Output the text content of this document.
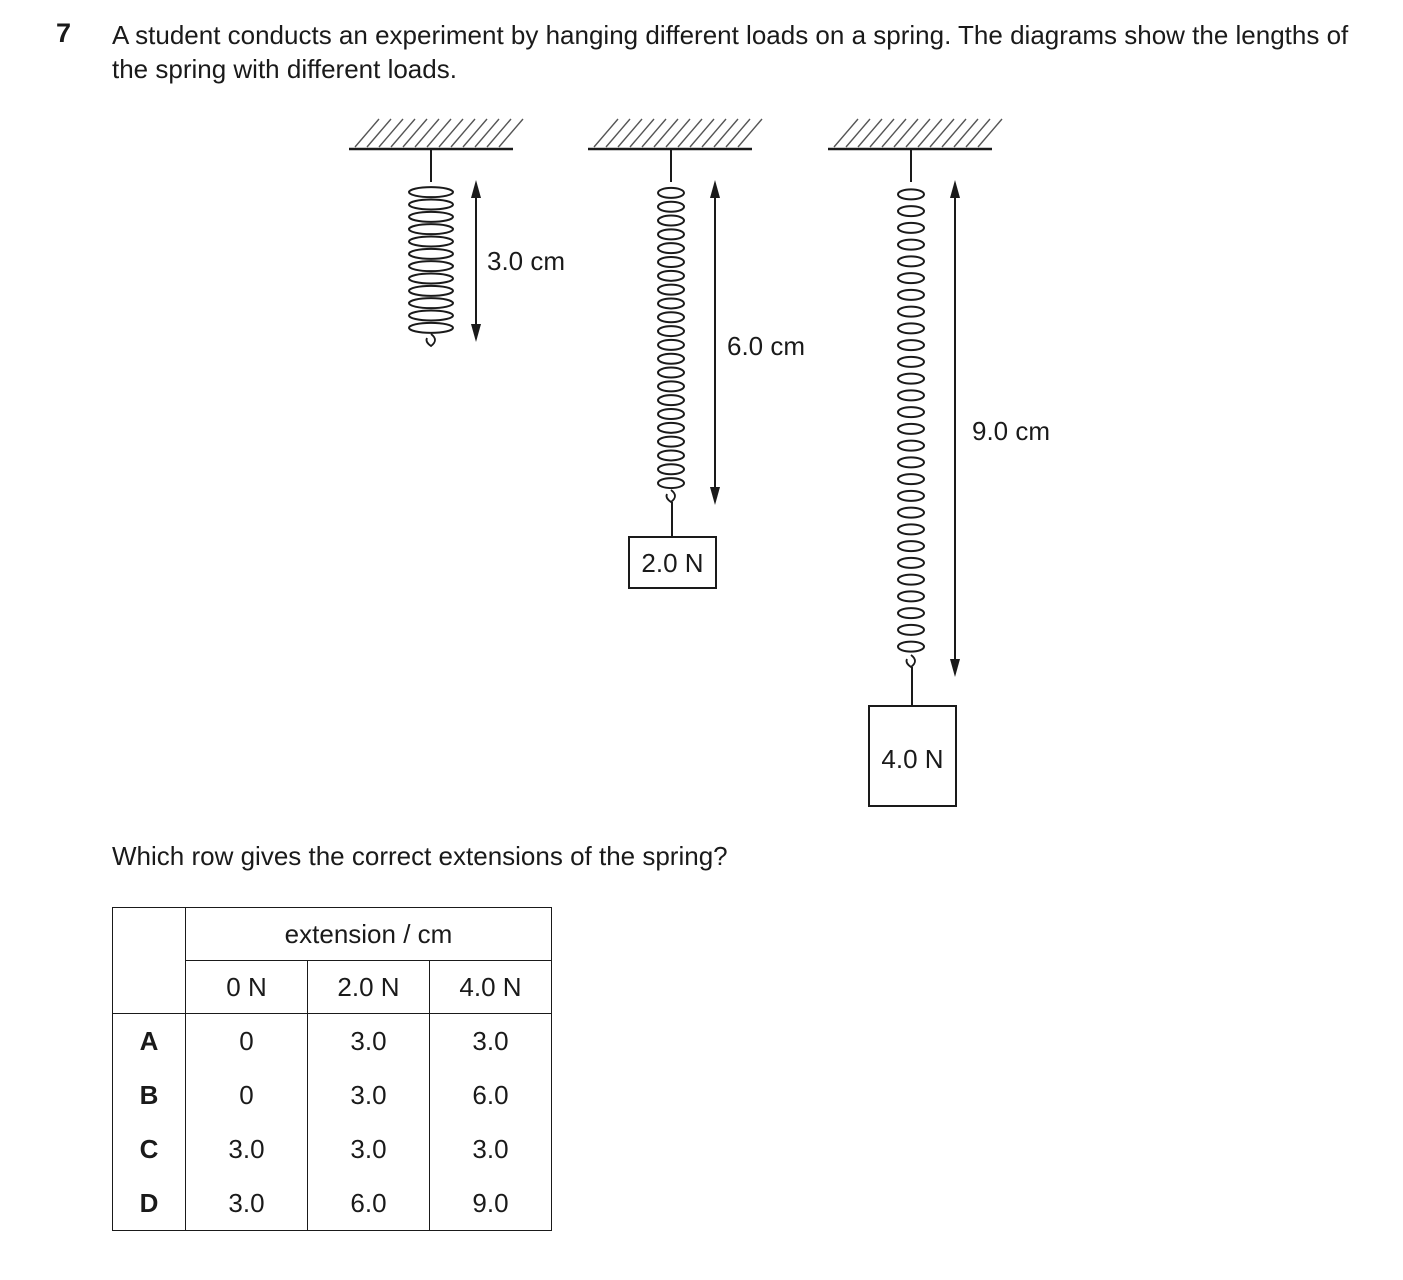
7 A student conducts an experiment by hanging different loads on a spring. The diagrams show the lengths of the spring with different loads.
3.0 cm
2.0 N
6.0 cm
4.0 N
9.0 cm
Which row gives the correct extensions of the spring?
	extension / cm		
	0 N	2.0 N	4.0 N
A	0	3.0	3.0
B	0	3.0	6.0
C	3.0	3.0	3.0
D	3.0	6.0	9.0
